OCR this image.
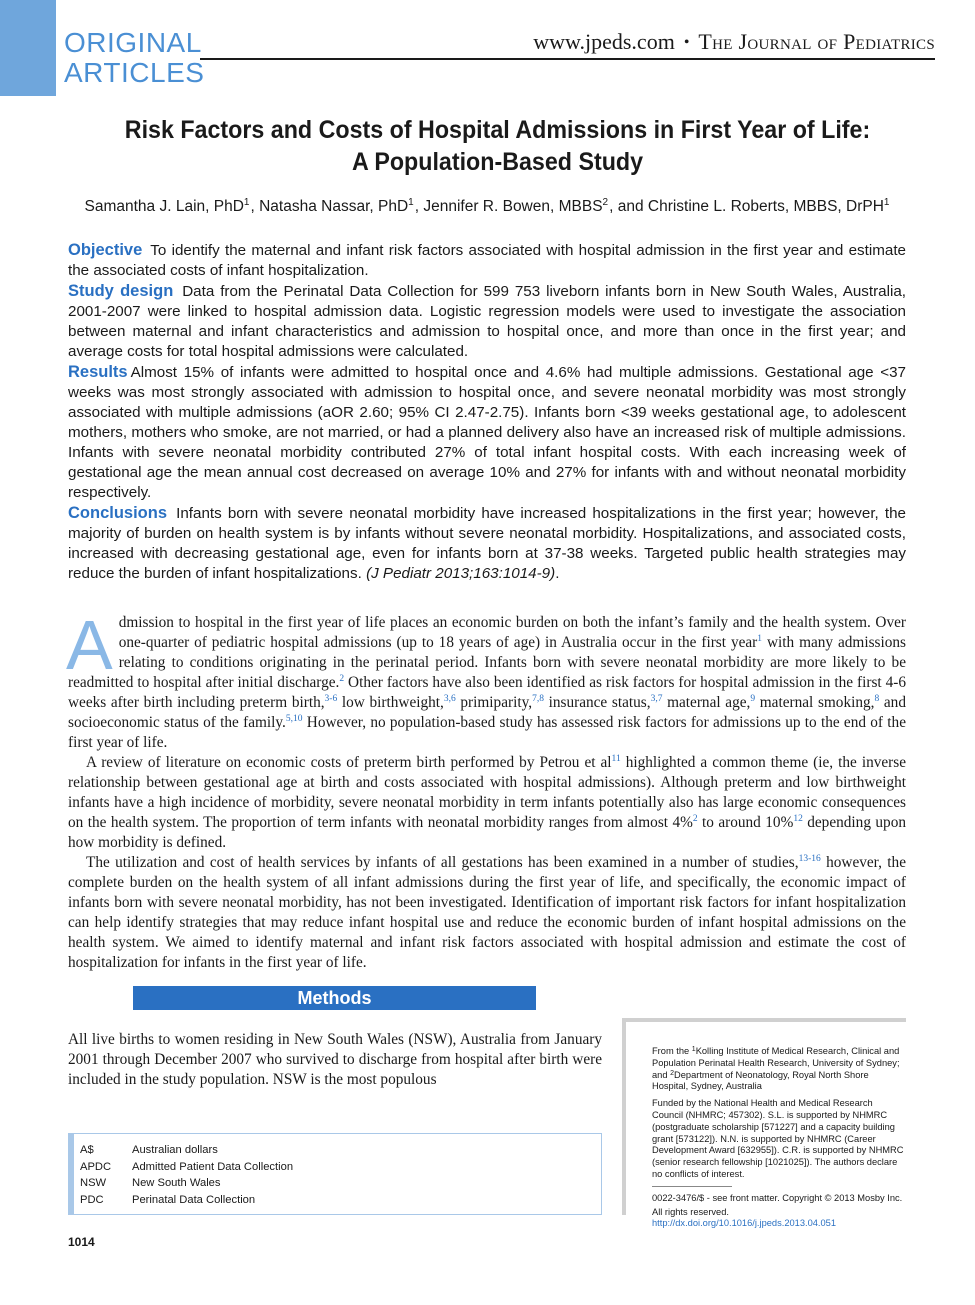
ORIGINAL
ARTICLES
www.jpeds.com • The Journal of Pediatrics
Risk Factors and Costs of Hospital Admissions in First Year of Life:
A Population-Based Study
Samantha J. Lain, PhD$^1$, Natasha Nassar, PhD$^1$, Jennifer R. Bowen, MBBS$^2$, and Christine L. Roberts, MBBS, DrPH$^1$

Objective To identify the maternal and infant risk factors associated with hospital admission in the first year and estimate the associated costs of infant hospitalization.

Study design Data from the Perinatal Data Collection for 599 753 liveborn infants born in New South Wales, Australia, 2001-2007 were linked to hospital admission data. Logistic regression models were used to investigate the association between maternal and infant characteristics and admission to hospital once, and more than once in the first year; and average costs for total hospital admissions were calculated.

Results Almost 15% of infants were admitted to hospital once and 4.6% had multiple admissions. Gestational age <37 weeks was most strongly associated with admission to hospital once, and severe neonatal morbidity was most strongly associated with multiple admissions (aOR 2.60; 95% CI 2.47-2.75). Infants born <39 weeks gestational age, to adolescent mothers, mothers who smoke, are not married, or had a planned delivery also have an increased risk of multiple admissions. Infants with severe neonatal morbidity contributed 27% of total infant hospital costs. With each increasing week of gestational age the mean annual cost decreased on average 10% and 27% for infants with and without neonatal morbidity respectively.

Conclusions Infants born with severe neonatal morbidity have increased hospitalizations in the first year; however, the majority of burden on health system is by infants without severe neonatal morbidity. Hospitalizations, and associated costs, increased with decreasing gestational age, even for infants born at 37-38 weeks. Targeted public health strategies may reduce the burden of infant hospitalizations. (J Pediatr 2013;163:1014-9).

Admission to hospital in the first year of life places an economic burden on both the infant’s family and the health system. Over one-quarter of pediatric hospital admissions (up to 18 years of age) in Australia occur in the first year$^1$ with many admissions relating to conditions originating in the perinatal period. Infants born with severe neonatal morbidity are more likely to be readmitted to hospital after initial discharge.$^2$ Other factors have also been identified as risk factors for hospital admission in the first 4-6 weeks after birth including preterm birth,$^{3-6}$ low birthweight,$^{3,6}$ primiparity,$^{7,8}$ insurance status,$^{3,7}$ maternal age,$^9$ maternal smoking,$^8$ and socioeconomic status of the family.$^{5,10}$ However, no population-based study has assessed risk factors for admissions up to the end of the first year of life.

A review of literature on economic costs of preterm birth performed by Petrou et $al^{11}$ highlighted a common theme (ie, the inverse relationship between gestational age at birth and costs associated with hospital admissions). Although preterm and low birthweight infants have a high incidence of morbidity, severe neonatal morbidity in term infants potentially also has large economic consequences on the health system. The proportion of term infants with neonatal morbidity ranges from almost 4%$^2$ to around 10%$^{12}$ depending upon how morbidity is defined.

The utilization and cost of health services by infants of all gestations has been examined in a number of studies,$^{13-16}$ however, the complete burden on the health system of all infant admissions during the first year of life, and specifically, the economic impact of infants born with severe neonatal morbidity, has not been investigated. Identification of important risk factors for infant hospitalization can help identify strategies that may reduce infant hospital use and reduce the economic burden of infant hospital admissions on the health system. We aimed to identify maternal and infant risk factors associated with hospital admission and estimate the cost of hospitalization for infants in the first year of life.

Methods
All live births to women residing in New South Wales (NSW), Australia from January 2001 through December 2007 who survived to discharge from hospital after birth were included in the study population. NSW is the most populous
A$	Australian dollars
APDC	Admitted Patient Data Collection
NSW	New South Wales
PDC	Perinatal Data Collection

From the $^1$Kolling Institute of Medical Research, Clinical and Population Perinatal Health Research, University of Sydney; and $^2$Department of Neonatology, Royal North Shore Hospital, Sydney, Australia

Funded by the National Health and Medical Research Council (NHMRC; 457302). S.L. is supported by NHMRC (postgraduate scholarship [571227] and a capacity building grant [573122]). N.N. is supported by NHMRC (Career Development Award [632955]). C.R. is supported by NHMRC (senior research fellowship [1021025]). The authors declare no conflicts of interest.

0022-3476/$ - see front matter. Copyright © 2013 Mosby Inc.

All rights reserved. http://dx.doi.org/10.1016/j.jpeds.2013.04.051

1014
